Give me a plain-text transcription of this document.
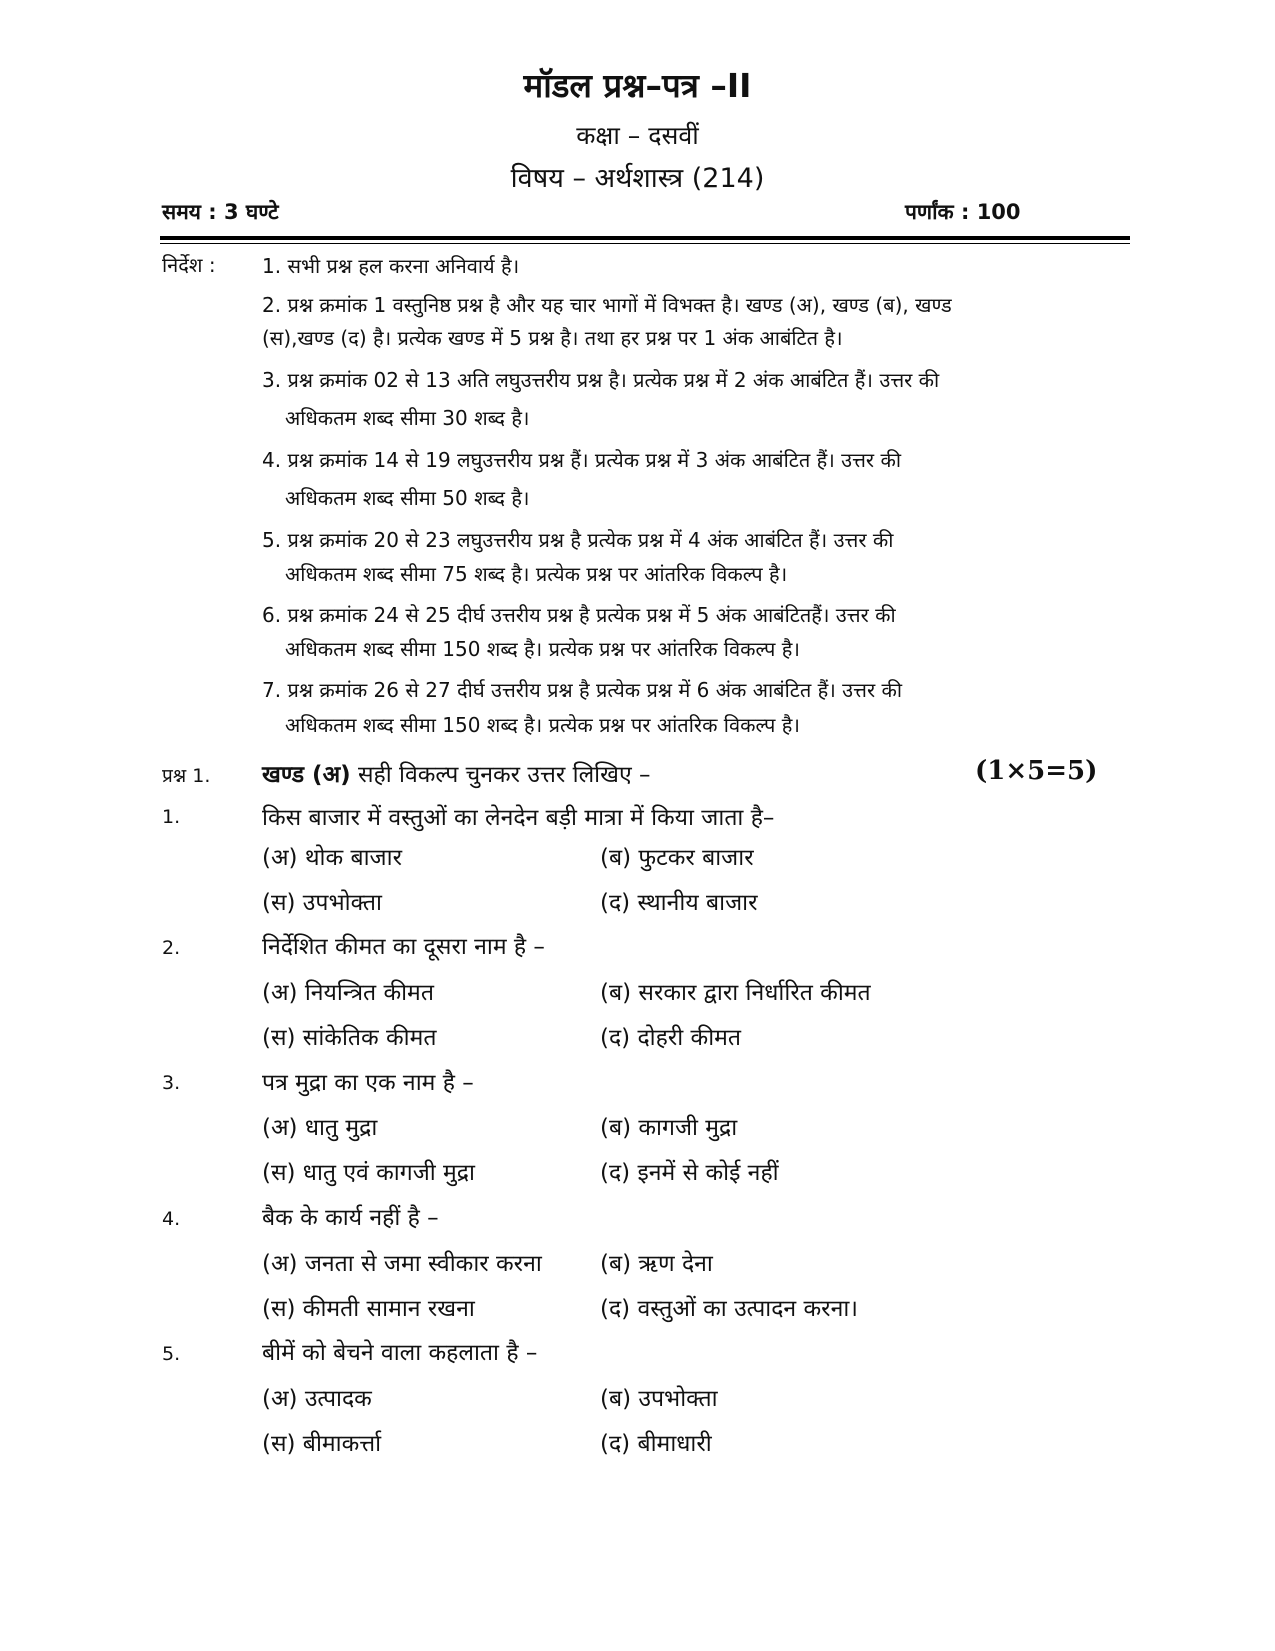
मॉडल प्रश्न–पत्र –II
कक्षा – दसवीं
विषय – अर्थशास्त्र (214)
समय : 3 घण्टे	पर्णांक : 100
निर्देश : 1. सभी प्रश्न हल करना अनिवार्य है।
2. प्रश्न क्रमांक 1 वस्तुनिष्ठ प्रश्न है और यह चार भागों में विभक्त है। खण्ड (अ), खण्ड (ब), खण्ड
(स),खण्ड (द) है। प्रत्येक खण्ड में 5 प्रश्न है। तथा हर प्रश्न पर 1 अंक आबंटित है।
3. प्रश्न क्रमांक 02 से 13 अति लघुउत्तरीय प्रश्न है। प्रत्येक प्रश्न में 2 अंक आबंटित हैं। उत्तर की
अधिकतम शब्द सीमा 30 शब्द है।
4. प्रश्न क्रमांक 14 से 19 लघुउत्तरीय प्रश्न हैं। प्रत्येक प्रश्न में 3 अंक आबंटित हैं। उत्तर की
अधिकतम शब्द सीमा 50 शब्द है।
5. प्रश्न क्रमांक 20 से 23 लघुउत्तरीय प्रश्न है प्रत्येक प्रश्न में 4 अंक आबंटित हैं। उत्तर की
अधिकतम शब्द सीमा 75 शब्द है। प्रत्येक प्रश्न पर आंतरिक विकल्प है।
6. प्रश्न क्रमांक 24 से 25 दीर्घ उत्तरीय प्रश्न है प्रत्येक प्रश्न में 5 अंक आबंटितहैं। उत्तर की
अधिकतम शब्द सीमा 150 शब्द है। प्रत्येक प्रश्न पर आंतरिक विकल्प है।
7. प्रश्न क्रमांक 26 से 27 दीर्घ उत्तरीय प्रश्न है प्रत्येक प्रश्न में 6 अंक आबंटित हैं। उत्तर की
अधिकतम शब्द सीमा 150 शब्द है। प्रत्येक प्रश्न पर आंतरिक विकल्प है।
प्रश्न 1. खण्ड (अ) सही विकल्प चुनकर उत्तर लिखिए –	(1×5=5)
1.	किस बाजार में वस्तुओं का लेनदेन बड़ी मात्रा में किया जाता है–
(अ) थोक बाजार	(ब) फुटकर बाजार
(स) उपभोक्ता	(द) स्थानीय बाजार
2.	निर्देशित कीमत का दूसरा नाम है –
(अ) नियन्त्रित कीमत	(ब) सरकार द्वारा निर्धारित कीमत
(स) सांकेतिक कीमत	(द) दोहरी कीमत
3.	पत्र मुद्रा का एक नाम है –
(अ) धातु मुद्रा	(ब) कागजी मुद्रा
(स) धातु एवं कागजी मुद्रा	(द) इनमें से कोई नहीं
4.	बैक के कार्य नहीं है –
(अ) जनता से जमा स्वीकार करना	(ब) ऋण देना
(स) कीमती सामान रखना	(द) वस्तुओं का उत्पादन करना।
5.	बीमें को बेचने वाला कहलाता है –
(अ) उत्पादक	(ब) उपभोक्ता
(स) बीमाकर्त्ता	(द) बीमाधारी
